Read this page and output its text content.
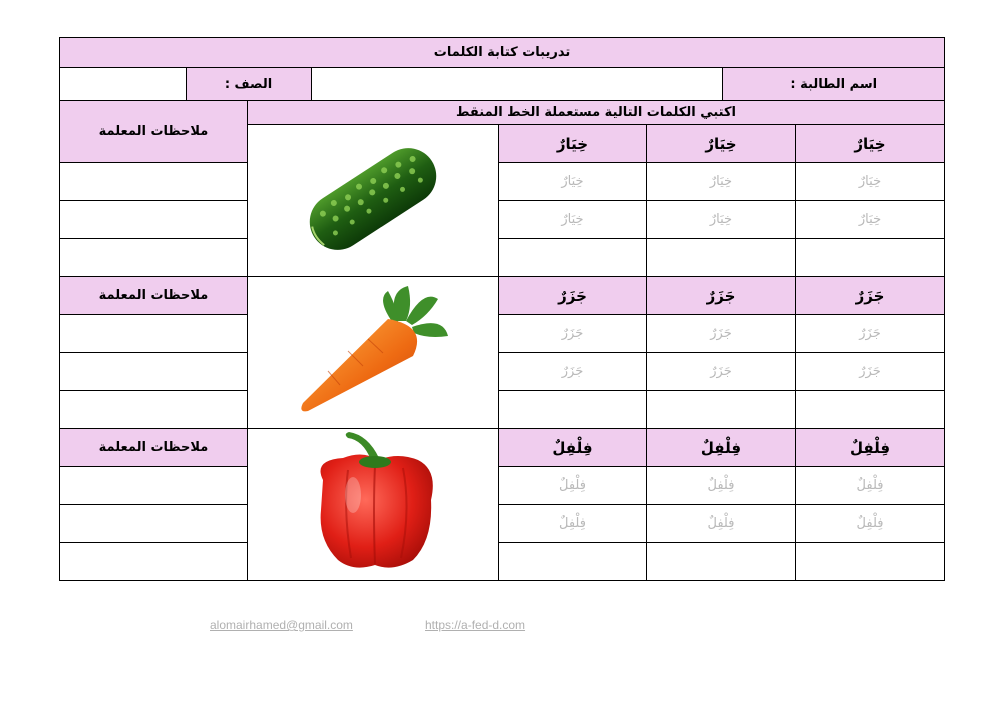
تدريبات كتابة الكلمات

	الصف :		اسم الطالبة :

ملاحظات المعلمة	اكتبي الكلمات التالية مستعملة الخط المنقط
	خِيَارٌ	خِيَارٌ	خِيَارٌ
	خِيَارٌ	خِيَارٌ	خِيَارٌ
	خِيَارٌ	خِيَارٌ	خِيَارٌ

ملاحظات المعلمة		جَزَرٌ	جَزَرٌ	جَزَرٌ
	جَزَرٌ	جَزَرٌ	جَزَرٌ
	جَزَرٌ	جَزَرٌ	جَزَرٌ

ملاحظات المعلمة		فِلْفِلٌ	فِلْفِلٌ	فِلْفِلٌ
	فِلْفِلٌ	فِلْفِلٌ	فِلْفِلٌ
	فِلْفِلٌ	فِلْفِلٌ	فِلْفِلٌ

alomairhamed@gmail.com	https://a-fed-d.com
